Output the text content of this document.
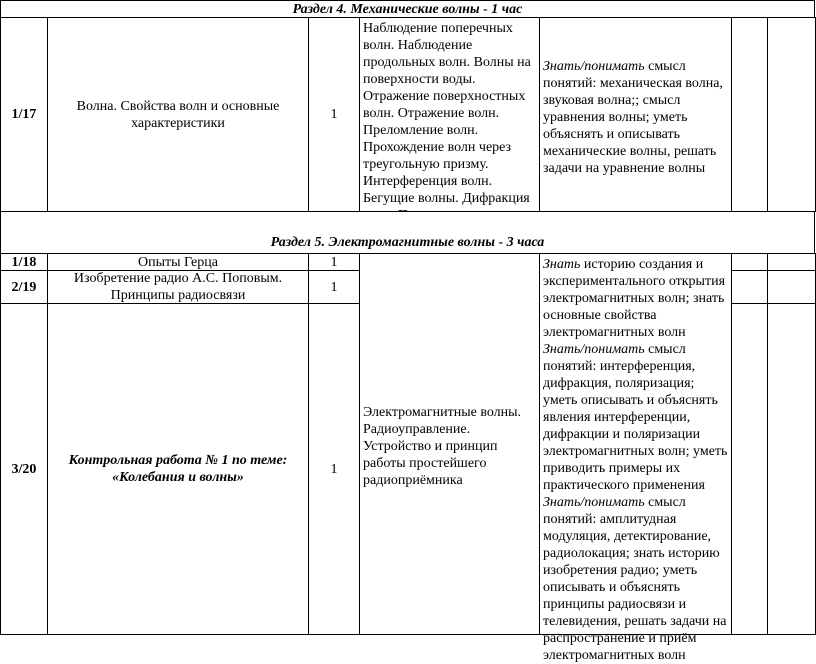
Раздел 4. Механические волны - 1 час
1/17
Волна. Свойства волн и основные характеристики
1
Наблюдение поперечных волн. Наблюдение продольных волн. Волны на поверхности воды. Отражение поверхностных волн. Отражение волн. Преломление волн. Прохождение волн через треугольную призму. Интерференция волн. Бегущие волны. Дифракция
Знать/понимать смысл понятий: механическая волна, звуковая волна;; смысл уравнения волны; уметь объяснять и описывать механические волны, решать задачи на уравнение волны
Раздел 5. Электромагнитные волны - 3 часа
1/18	Опыты Герца	1
2/19
Изобретение радио А.С. Поповым. Принципы радиосвязи
1
3/20
Контрольная работа № 1 по теме: «Колебания и волны»
1
Электромагнитные волны. Радиоуправление. Устройство и принцип работы простейшего радиоприёмника
Знать историю создания и экспериментального открытия электромагнитных волн; знать основные свойства электромагнитных волн
Знать/понимать смысл понятий: интерференция, дифракция, поляризация; уметь описывать и объяснять явления интерференции, дифракции и поляризации электромагнитных волн; уметь приводить примеры их практического применения
Знать/понимать смысл понятий: амплитудная модуляция, детектирование, радиолокация; знать историю изобретения радио; уметь описывать и объяснять принципы радиосвязи и телевидения, решать задачи на распространение и приём электромагнитных волн
